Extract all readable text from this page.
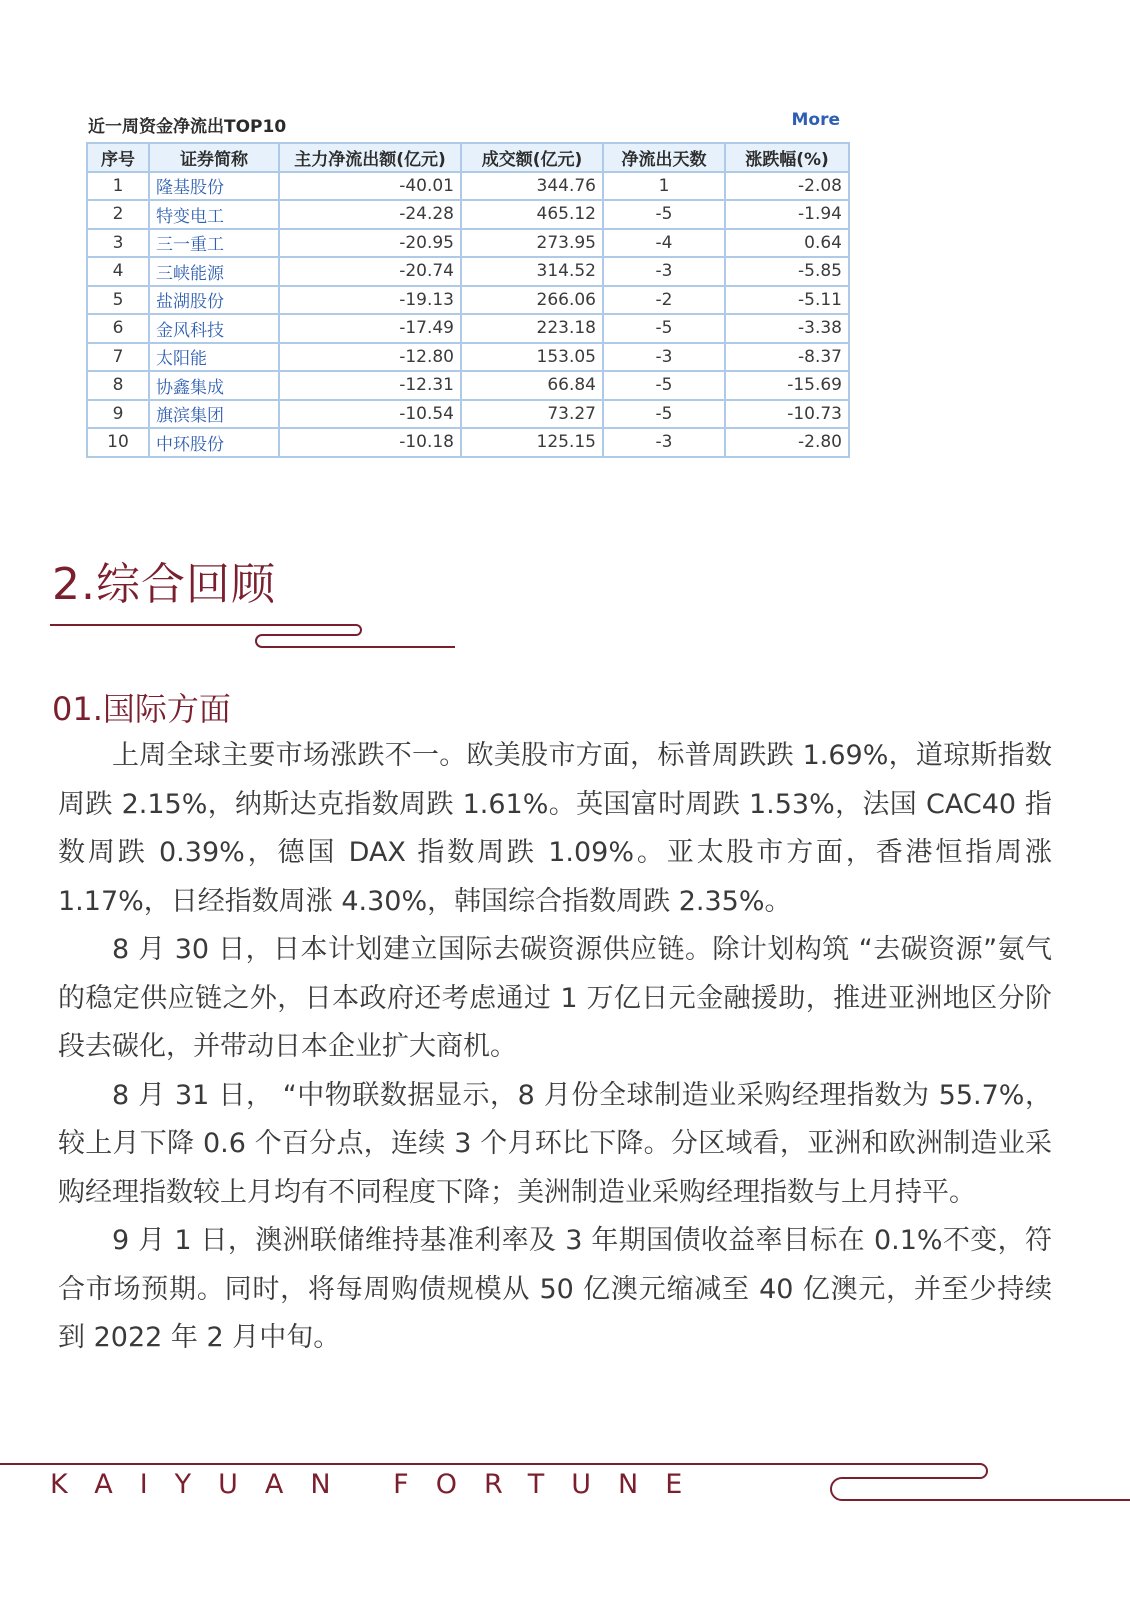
近一周资金净流出TOP10	More
序号	证券简称	主力净流出额(亿元)	成交额(亿元)	净流出天数	涨跌幅(%)
1	隆基股份	-40.01	344.76	1	-2.08
2	特变电工	-24.28	465.12	-5	-1.94
3	三一重工	-20.95	273.95	-4	0.64
4	三峡能源	-20.74	314.52	-3	-5.85
5	盐湖股份	-19.13	266.06	-2	-5.11
6	金风科技	-17.49	223.18	-5	-3.38
7	太阳能	-12.80	153.05	-3	-8.37
8	协鑫集成	-12.31	66.84	-5	-15.69
9	旗滨集团	-10.54	73.27	-5	-10.73
10	中环股份	-10.18	125.15	-3	-2.80
2.综合回顾
01.国际方面

上周全球主要市场涨跌不一。欧美股市方面，标普周跌跌 1.69%，道琼斯指数周跌 2.15%，纳斯达克指数周跌 1.61%。英国富时周跌 1.53%，法国 CAC40 指数周跌 0.39%，德国 DAX 指数周跌 1.09%。亚太股市方面，香港恒指周涨 1.17%，日经指数周涨 4.30%，韩国综合指数周跌 2.35%。

8 月 30 日，日本计划建立国际去碳资源供应链。除计划构筑 “去碳资源”氨气的稳定供应链之外，日本政府还考虑通过 1 万亿日元金融援助，推进亚洲地区分阶段去碳化，并带动日本企业扩大商机。

8 月 31 日， “中物联数据显示，8 月份全球制造业采购经理指数为 55.7%，较上月下降 0.6 个百分点，连续 3 个月环比下降。分区域看，亚洲和欧洲制造业采购经理指数较上月均有不同程度下降；美洲制造业采购经理指数与上月持平。

9 月 1 日，澳洲联储维持基准利率及 3 年期国债收益率目标在 0.1%不变，符合市场预期。同时，将每周购债规模从 50 亿澳元缩减至 40 亿澳元，并至少持续到 2022 年 2 月中旬。

KAIYUAN FORTUNE
